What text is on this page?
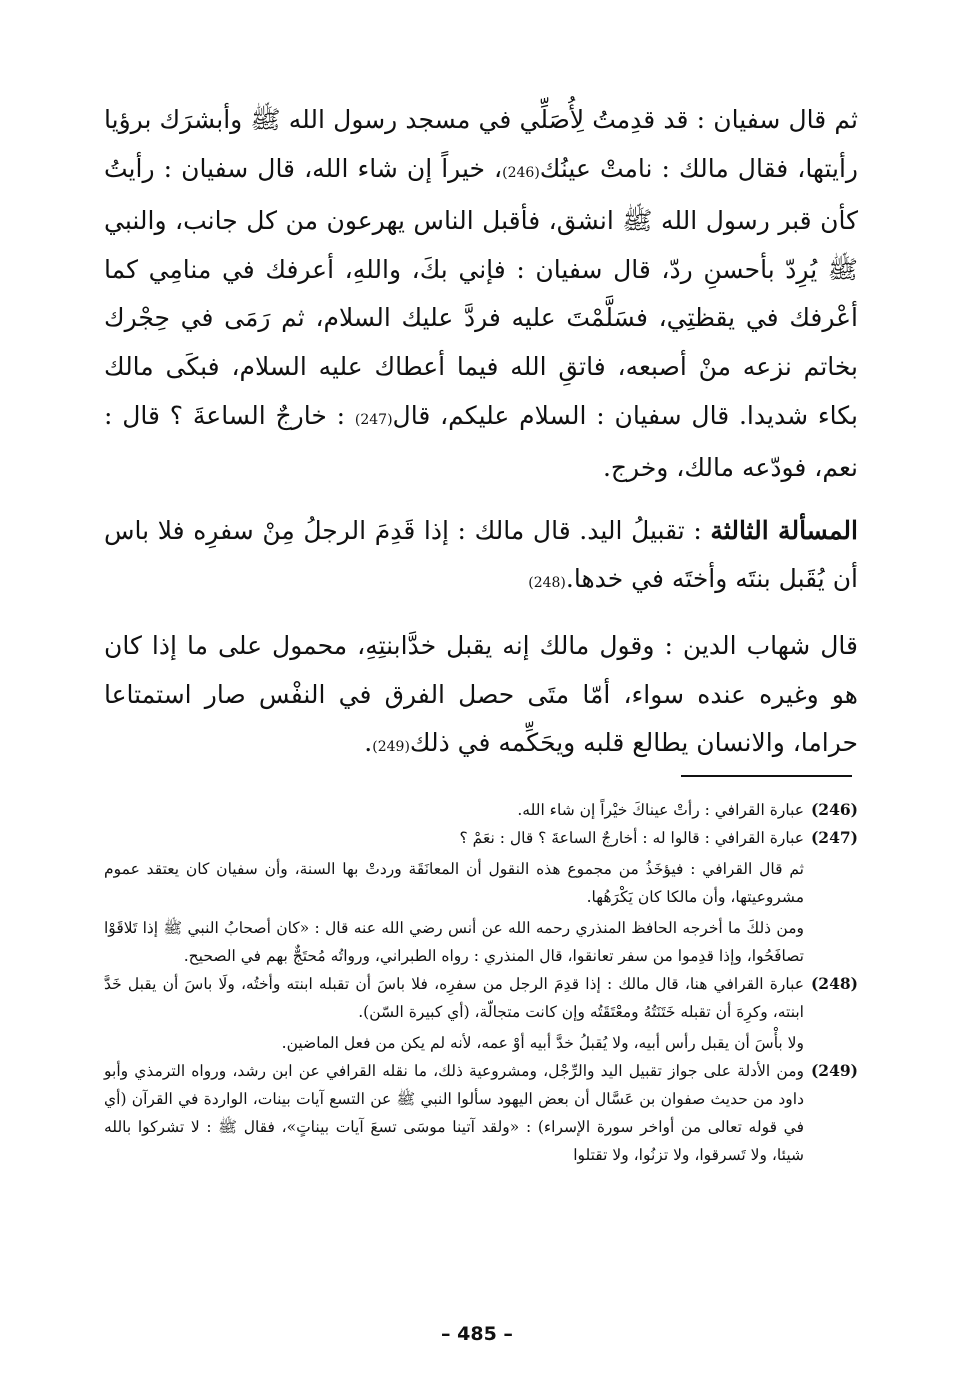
ثم قال سفيان : قد قدِمتُ لِأُصَلِّي في مسجد رسول الله ﷺ وأبشرَك برؤيا رأيتها، فقال مالك : نامتْ عينُك(246)، خيراً إن شاء الله، قال سفيان : رأيتُ كأن قبر رسول الله ﷺ انشق، فأقبل الناس يهرعون من كل جانب، والنبي ﷺ يُرِدّ بأحسنِ ردّ، قال سفيان : فإني بكَ، واللهِ، أعرفك في منامِي كما أعْرفك في يقظتِي، فسَلَّمْتَ عليه فردَّ عليك السلام، ثم رَمَى في حِجْرك بخاتم نزعه منْ أصبعه، فاتقِ الله فيما أعطاك عليه السلام، فبكَى مالك بكاء شديدا. قال سفيان : السلام عليكم، قال(247) : خارجٌ الساعةَ ؟ قال : نعم، فودّعه مالك، وخرج.

المسألة الثالثة : تقبيلُ اليد. قال مالك : إذا قَدِمَ الرجلُ مِنْ سفرِه فلا باس أن يُقَبل بنتَه وأختَه في خدها.(248)

قال شهاب الدين : وقول مالك إنه يقبل خدَّابنتِهِ، محمول على ما إذا كان هو وغيره عنده سواء، أمّا متَى حصل الفرق في النفْس صار استمتاعا حراما، والانسان يطالع قلبه ويحَكِّمه في ذلك(249).

(246)

عبارة القرافي : رأتْ عيناكَ خيْراً إن شاء الله.

(247)

عبارة القرافي : قالوا له : أخارجٌ الساعةَ ؟ قال : نعَمْ ؟

ثم قال القرافي : فيؤخَذُ من مجموع هذه النقول أن المعانَقَة وردتْ بها السنة، وأن سفيان كان يعتقد عموم مشروعيتها، وأن مالكا كان يَكْرَهُها.

ومن ذلكَ ما أخرجه الحافظ المنذري رحمه الله عن أنس رضي الله عنه قال : «كان أصحابُ النبي ﷺ إذا تَلاقَوْا تصافَحُوا، وإذا قدِموا من سفر تعانقوا، قال المنذري : رواه الطبراني، ورواتُه مُحتَجٌّ بهم في الصحيح.

(248)

عبارة القرافي هنا، قال مالك : إذا قدِمَ الرجل من سفرِه، فلا باسَ أن تقبله ابنته وأختُه، ولَا باسَ أن يقبل خَدَّ ابنته، وكرِهَ أن تقبله خَتَنَتُهُ ومعْتَقَتُه وإن كانت متجالّة، (أي كبيرة السّن).

ولا بأْسَ أن يقبل رأس أبيه، ولا يُقبلُ خدَّ أبيه أوْ عمه، لأنه لم يكن من فعل الماضين.

(249)

ومن الأدلة على جواز تقبيل اليد والرِّجْل، ومشروعية ذلك، ما نقله القرافي عن ابن رشد، ورواه الترمذي وأبو داود من حديث صفوان بن عَسَّال أن بعض اليهود سألوا النبي ﷺ عن التسع آيات بينات، الواردة في القرآن (أي في قوله تعالى من أواخر سورة الإسراء) : «ولقد آتينا موسَى تسعَ آيات بيناتٍ»، فقال ﷺ : لا تشركوا بالله شيئا، ولا تَسرقوا، ولا تزنُوا، ولا تقتلوا

– 485 –
